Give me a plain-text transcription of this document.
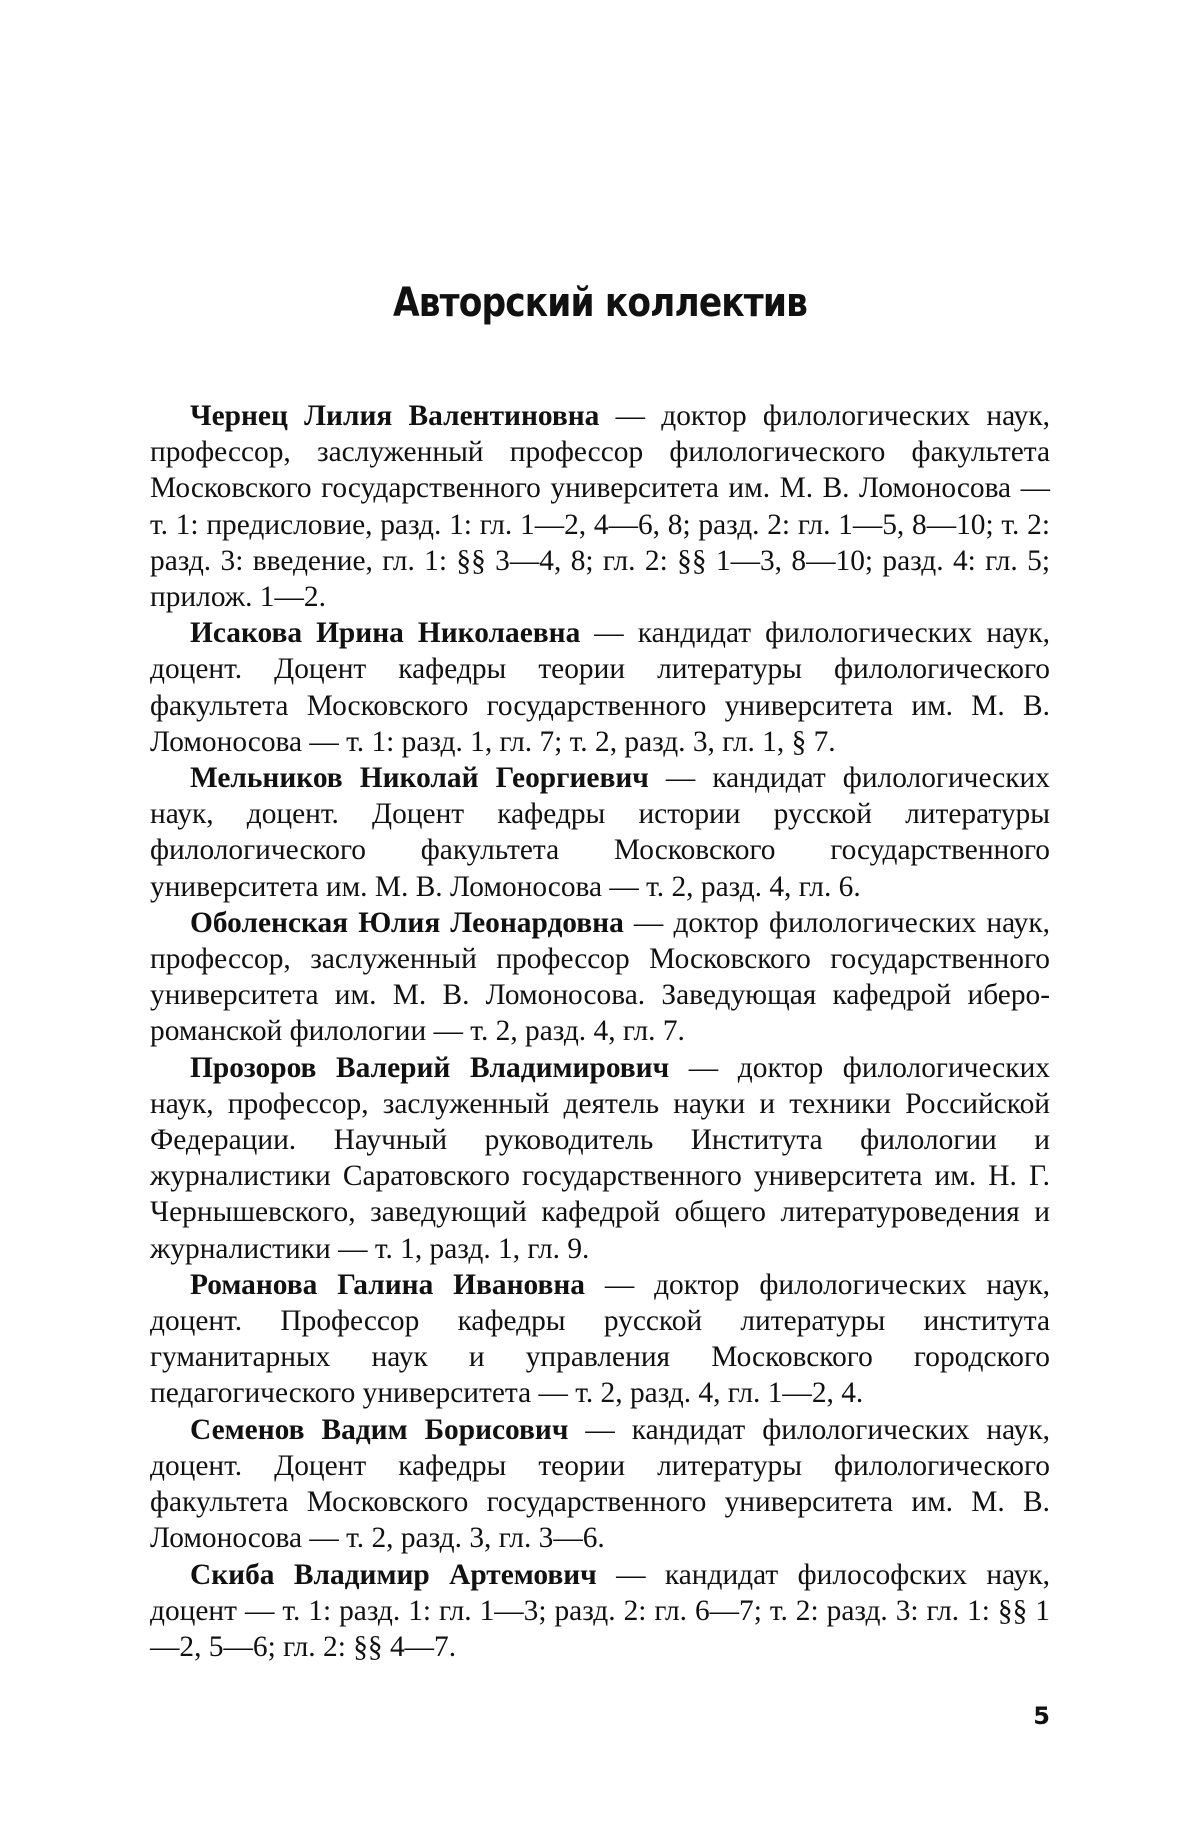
Авторский коллектив

Чернец Лилия Валентиновна — доктор филологических наук, профессор, заслуженный профессор филологического факультета Московского государственного университета им. М. В. Ломоносова — т. 1: предисловие, разд. 1: гл. 1—2, 4—6, 8; разд. 2: гл. 1—5, 8—10; т. 2: разд. 3: введение, гл. 1: §§ 3—4, 8; гл. 2: §§ 1—3, 8—10; разд. 4: гл. 5; прилож. 1—2.

Исакова Ирина Николаевна — кандидат филологических наук, доцент. Доцент кафедры теории литературы филологического факультета Московского государственного университета им. М. В. Ломоносова — т. 1: разд. 1, гл. 7; т. 2, разд. 3, гл. 1, § 7.

Мельников Николай Георгиевич — кандидат филологических наук, доцент. Доцент кафедры истории русской литературы филологического факультета Московского государственного университета им. М. В. Ломоносова — т. 2, разд. 4, гл. 6.

Оболенская Юлия Леонардовна — доктор филологических наук, профессор, заслуженный профессор Московского государственного университета им. М. В. Ломоносова. Заведующая кафедрой иберо-романской филологии — т. 2, разд. 4, гл. 7.

Прозоров Валерий Владимирович — доктор филологических наук, профессор, заслуженный деятель науки и техники Российской Федерации. Научный руководитель Института филологии и журналистики Саратовского государственного университета им. Н. Г. Чернышевского, заведующий кафедрой общего литературоведения и журналистики — т. 1, разд. 1, гл. 9.

Романова Галина Ивановна — доктор филологических наук, доцент. Профессор кафедры русской литературы института гуманитарных наук и управления Московского городского педагогического университета — т. 2, разд. 4, гл. 1—2, 4.

Семенов Вадим Борисович — кандидат филологических наук, доцент. Доцент кафедры теории литературы филологического факультета Московского государственного университета им. М. В. Ломоносова — т. 2, разд. 3, гл. 3—6.

Скиба Владимир Артемович — кандидат философских наук, доцент — т. 1: разд. 1: гл. 1—3; разд. 2: гл. 6—7; т. 2: разд. 3: гл. 1: §§ 1—2, 5—6; гл. 2: §§ 4—7.

5
